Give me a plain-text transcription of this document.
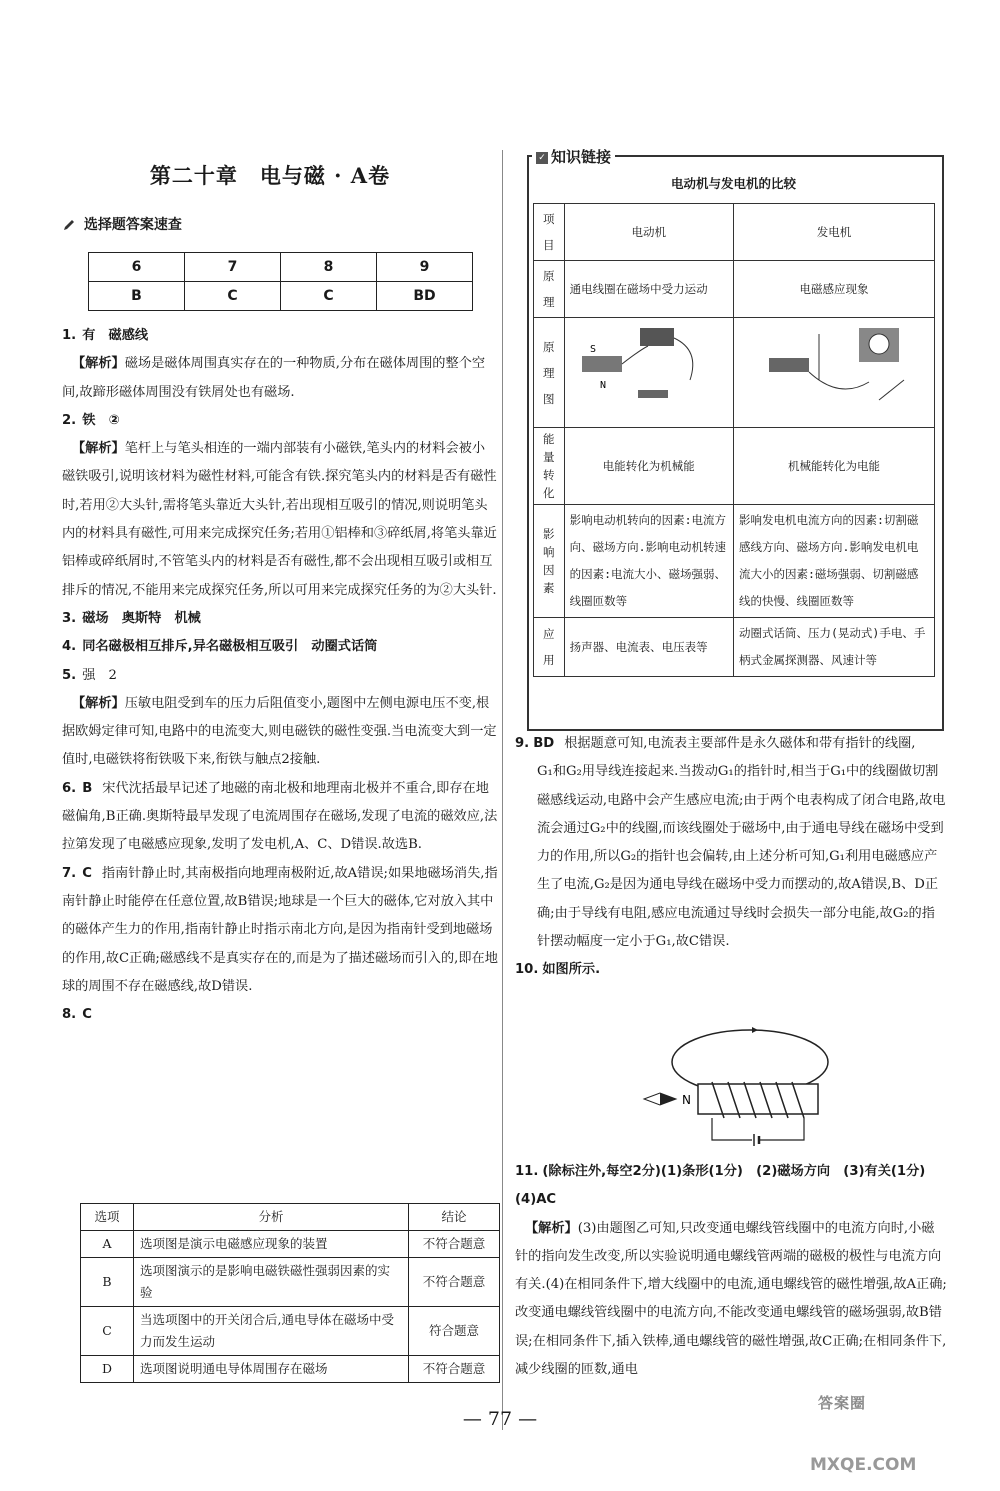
第二十章　电与磁 · A卷
选择题答案速查
6	7	8	9
B	C	C	BD

1. 有　磁感线

【解析】磁场是磁体周围真实存在的一种物质,分布在磁体周围的整个空间,故蹄形磁体周围没有铁屑处也有磁场.

2. 铁　②

【解析】笔杆上与笔头相连的一端内部装有小磁铁,笔头内的材料会被小磁铁吸引,说明该材料为磁性材料,可能含有铁.探究笔头内的材料是否有磁性时,若用②大头针,需将笔头靠近大头针,若出现相互吸引的情况,则说明笔头内的材料具有磁性,可用来完成探究任务;若用①铝棒和③碎纸屑,将笔头靠近铝棒或碎纸屑时,不管笔头内的材料是否有磁性,都不会出现相互吸引或相互排斥的情况,不能用来完成探究任务,所以可用来完成探究任务的为②大头针.

3. 磁场　奥斯特　机械

4. 同名磁极相互排斥,异名磁极相互吸引　动圈式话筒

5. 强　2

【解析】压敏电阻受到车的压力后阻值变小,题图中左侧电源电压不变,根据欧姆定律可知,电路中的电流变大,则电磁铁的磁性变强.当电流变大到一定值时,电磁铁将衔铁吸下来,衔铁与触点2接触.

6. B 宋代沈括最早记述了地磁的南北极和地理南北极并不重合,即存在地磁偏角,B正确.奥斯特最早发现了电流周围存在磁场,发现了电流的磁效应,法拉第发现了电磁感应现象,发明了发电机,A、C、D错误.故选B.

7. C 指南针静止时,其南极指向地理南极附近,故A错误;如果地磁场消失,指南针静止时能停在任意位置,故B错误;地球是一个巨大的磁体,它对放入其中的磁体产生力的作用,指南针静止时指示南北方向,是因为指南针受到地磁场的作用,故C正确;磁感线不是真实存在的,而是为了描述磁场而引入的,即在地球的周围不存在磁感线,故D错误.

8. C

选项	分析	结论
A	选项图是演示电磁感应现象的装置	不符合题意
B	选项图演示的是影响电磁铁磁性强弱因素的实验	不符合题意
C	当选项图中的开关闭合后,通电导体在磁场中受力而发生运动	符合题意
D	选项图说明通电导体周围存在磁场	不符合题意
✓ 知识链接
电动机与发电机的比较
项目	电动机	发电机
原理	通电线圈在磁场中受力运动	电磁感应现象
原理图	S
N

能量转化	电能转化为机械能	机械能转化为电能
影响因素	影响电动机转向的因素:电流方向、磁场方向.影响电动机转速的因素:电流大小、磁场强弱、线圈匝数等	影响发电机电流方向的因素:切割磁感线方向、磁场方向.影响发电机电流大小的因素:磁场强弱、切割磁感线的快慢、线圈匝数等
应用	扬声器、电流表、电压表等	动圈式话筒、压力(晃动式)手电、手柄式金属探测器、风速计等

9. BD 根据题意可知,电流表主要部件是永久磁体和带有指针的线圈,

G₁和G₂用导线连接起来.当拨动G₁的指针时,相当于G₁中的线圈做切割磁感线运动,电路中会产生感应电流;由于两个电表构成了闭合电路,故电流会通过G₂中的线圈,而该线圈处于磁场中,由于通电导线在磁场中受到力的作用,所以G₂的指针也会偏转,由上述分析可知,G₁利用电磁感应产生了电流,G₂是因为通电导线在磁场中受力而摆动的,故A错误,B、D正确;由于导线有电阻,感应电流通过导线时会损失一部分电能,故G₂的指针摆动幅度一定小于G₁,故C错误.

10. 如图所示.

N

11. (除标注外,每空2分)(1)条形(1分)　(2)磁场方向　(3)有关(1分)　(4)AC

【解析】(3)由题图乙可知,只改变通电螺线管线圈中的电流方向时,小磁针的指向发生改变,所以实验说明通电螺线管两端的磁极的极性与电流方向有关.(4)在相同条件下,增大线圈中的电流,通电螺线管的磁性增强,故A正确;改变通电螺线管线圈中的电流方向,不能改变通电螺线管的磁场强弱,故B错误;在相同条件下,插入铁棒,通电螺线管的磁性增强,故C正确;在相同条件下,减少线圈的匝数,通电

— 77 —
答案圈
MXQE.COM
